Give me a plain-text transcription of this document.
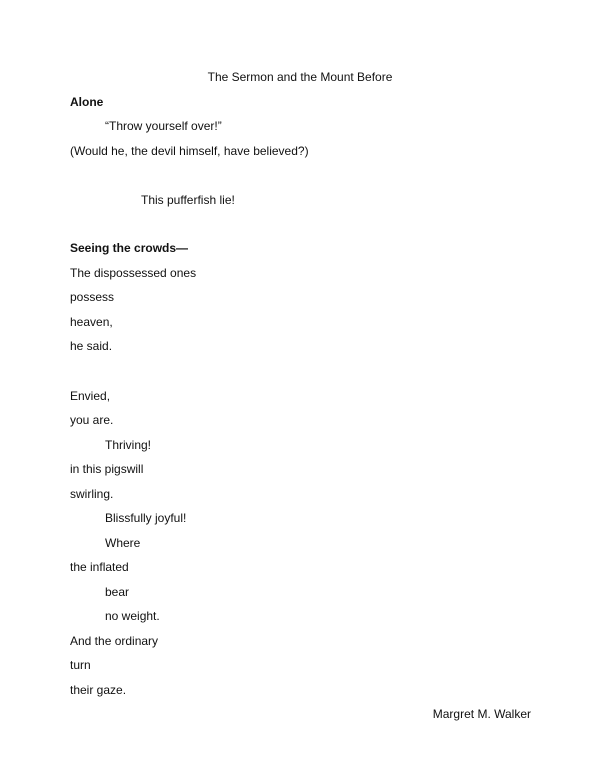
The Sermon and the Mount Before
Alone
“Throw yourself over!”
(Would he, the devil himself, have believed?)
This pufferfish lie!
Seeing the crowds—
The dispossessed ones
possess
heaven,
he said.
Envied,
you are.
Thriving!
in this pigswill
swirling.
Blissfully joyful!
Where
the inflated
bear
no weight.
And the ordinary
turn
their gaze.
Margret M. Walker
